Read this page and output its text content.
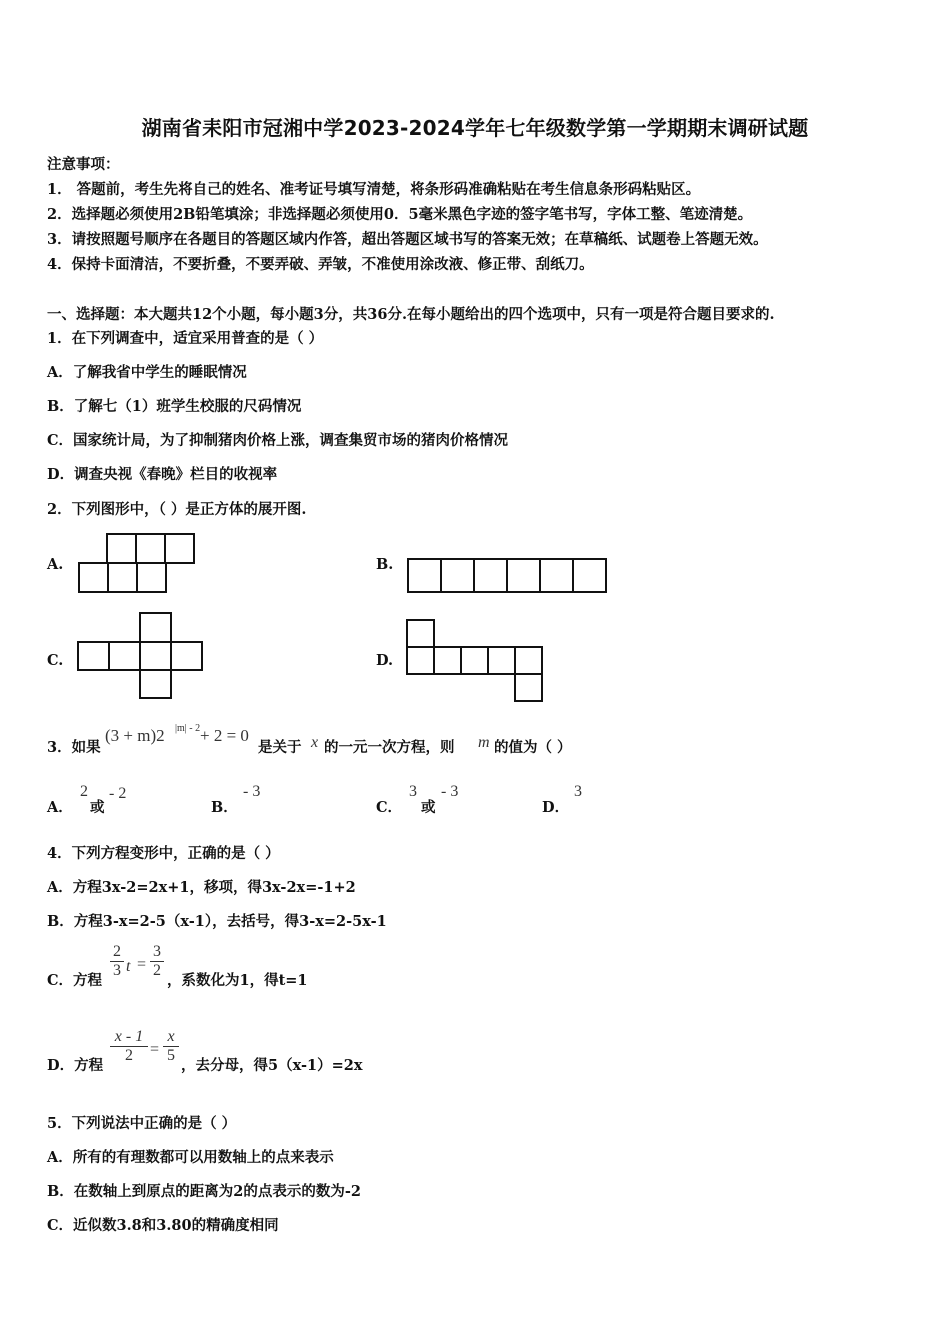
湖南省耒阳市冠湘中学2023-2024学年七年级数学第一学期期末调研试题
注意事项：
1． 答题前，考生先将自己的姓名、准考证号填写清楚，将条形码准确粘贴在考生信息条形码粘贴区。
2．选择题必须使用2B铅笔填涂；非选择题必须使用0．5毫米黑色字迹的签字笔书写，字体工整、笔迹清楚。
3．请按照题号顺序在各题目的答题区域内作答，超出答题区域书写的答案无效；在草稿纸、试题卷上答题无效。
4．保持卡面清洁，不要折叠，不要弄破、弄皱，不准使用涂改液、修正带、刮纸刀。
一、选择题：本大题共12个小题，每小题3分，共36分.在每小题给出的四个选项中，只有一项是符合题目要求的.
1．在下列调查中，适宜采用普查的是（ ）
A．了解我省中学生的睡眠情况
B．了解七（1）班学生校服的尺码情况
C．国家统计局，为了抑制猪肉价格上涨，调查集贸市场的猪肉价格情况
D．调查央视《春晚》栏目的收视率
2．下列图形中，（ ）是正方体的展开图.
A.	B.
C.	D.
3．如果
(3 + m)2 |m| - 2 + 2 = 0
是关于 x 的一元一次方程，则 m 的值为（ ）
A．
2
或
- 2
B．
- 3
C．
3
或
- 3
D．
3
4．下列方程变形中，正确的是（ ）
A．方程3x-2=2x+1，移项，得3x-2x=-1+2
B．方程3-x=2-5（x-1），去括号，得3-x=2-5x-1
C．方程
$\frac{2}{3}$ $t = \frac{3}{2}$
，系数化为1，得t=1
D．方程
$\frac{x - 1}{2} = \frac{x}{5}$
，去分母，得5（x-1）=2x
5．下列说法中正确的是（ ）
A．所有的有理数都可以用数轴上的点来表示
B．在数轴上到原点的距离为2的点表示的数为-2
C．近似数3.8和3.80的精确度相同
